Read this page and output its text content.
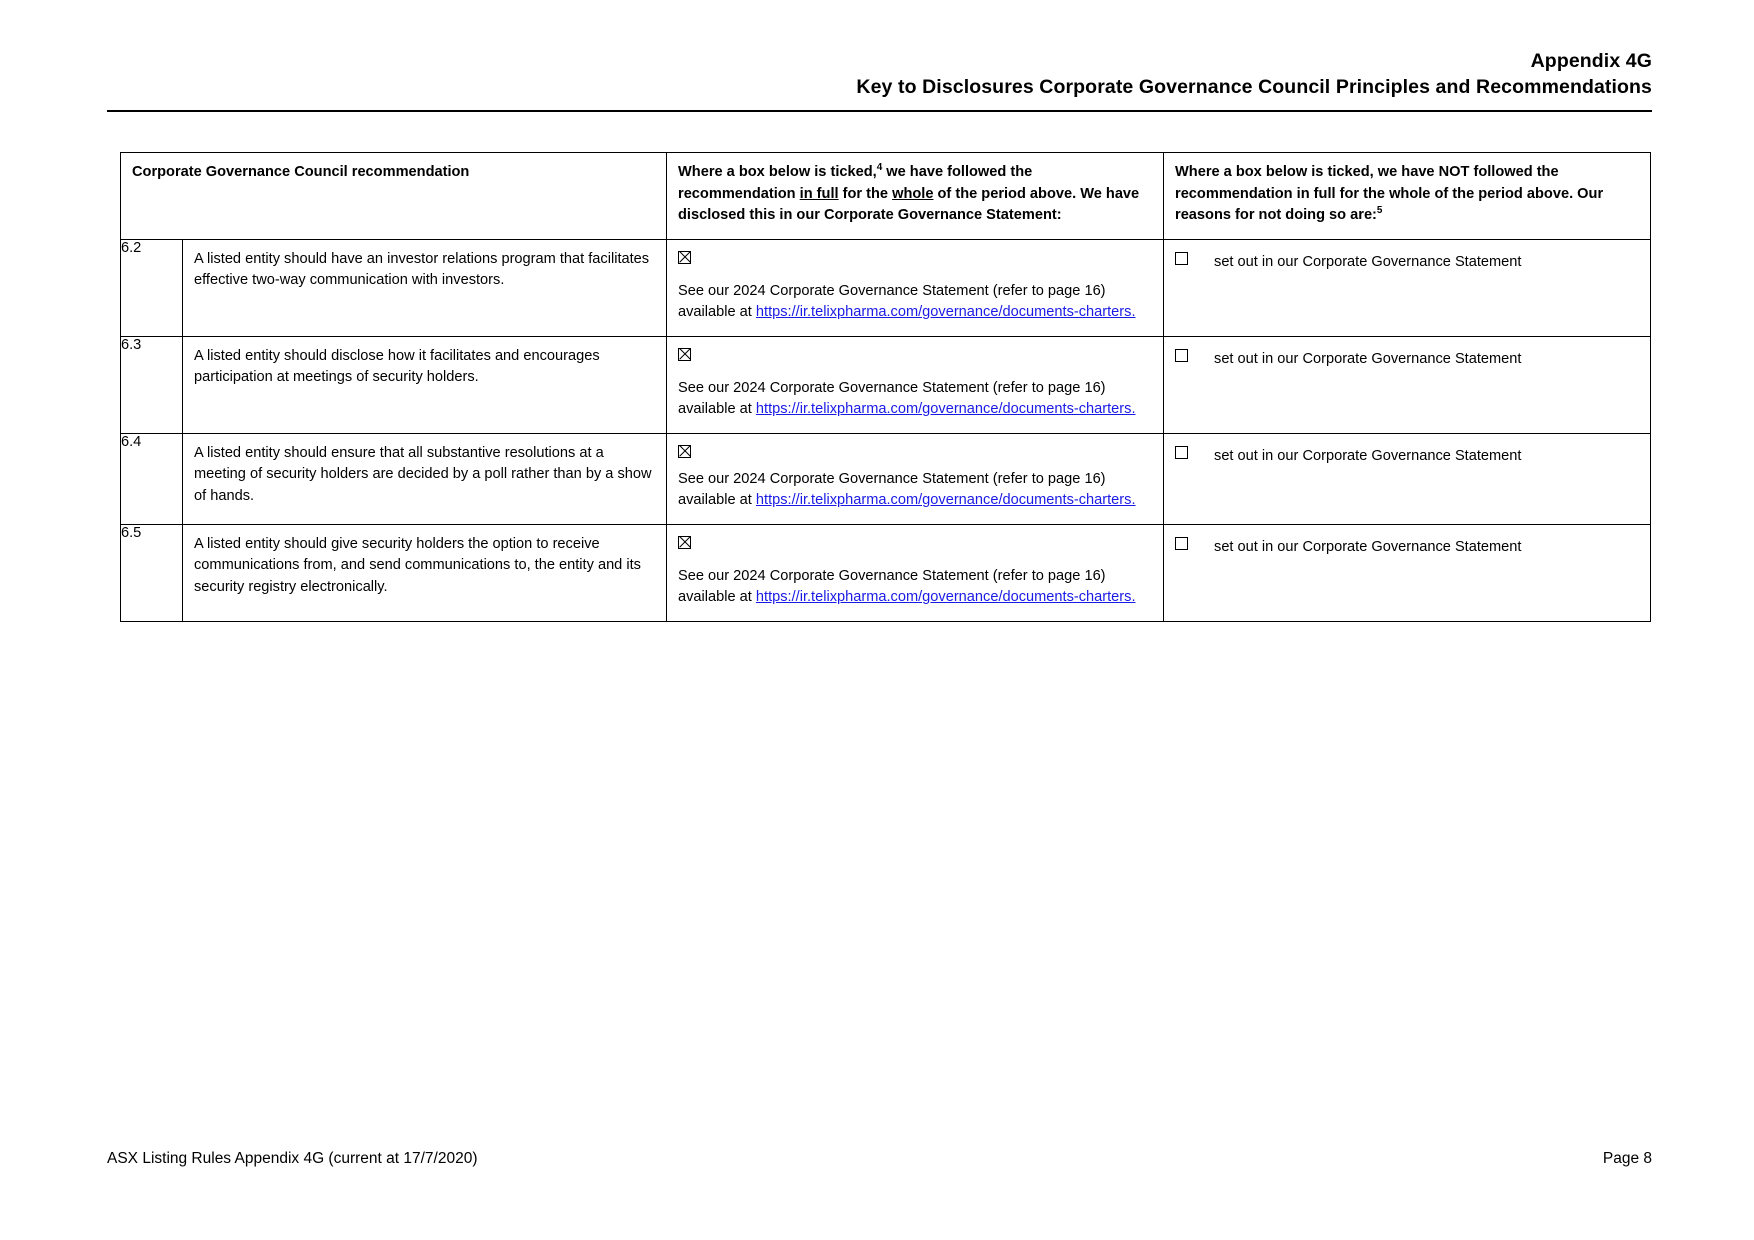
Appendix 4G
Key to Disclosures Corporate Governance Council Principles and Recommendations
Corporate Governance Council recommendation		Where a box below is ticked,$^4$ we have followed the recommendation in full for the whole of the period above. We have disclosed this in our Corporate Governance Statement:	Where a box below is ticked, we have NOT followed the recommendation in full for the whole of the period above. Our reasons for not doing so are:$^5$

6.2	A listed entity should have an investor relations program that facilitates effective two-way communication with investors.	See our 2024 Corporate Governance Statement (refer to page 16) available at https://ir.telixpharma.com/governance/documents-charters.	set out in our Corporate Governance Statement

6.3	A listed entity should disclose how it facilitates and encourages participation at meetings of security holders.	See our 2024 Corporate Governance Statement (refer to page 16) available at https://ir.telixpharma.com/governance/documents-charters.	set out in our Corporate Governance Statement

6.4	A listed entity should ensure that all substantive resolutions at a meeting of security holders are decided by a poll rather than by a show of hands.	See our 2024 Corporate Governance Statement (refer to page 16) available at https://ir.telixpharma.com/governance/documents-charters.	set out in our Corporate Governance Statement

6.5	A listed entity should give security holders the option to receive communications from, and send communications to, the entity and its security registry electronically.	See our 2024 Corporate Governance Statement (refer to page 16) available at https://ir.telixpharma.com/governance/documents-charters.	set out in our Corporate Governance Statement
ASX Listing Rules Appendix 4G (current at 17/7/2020)	Page 8
